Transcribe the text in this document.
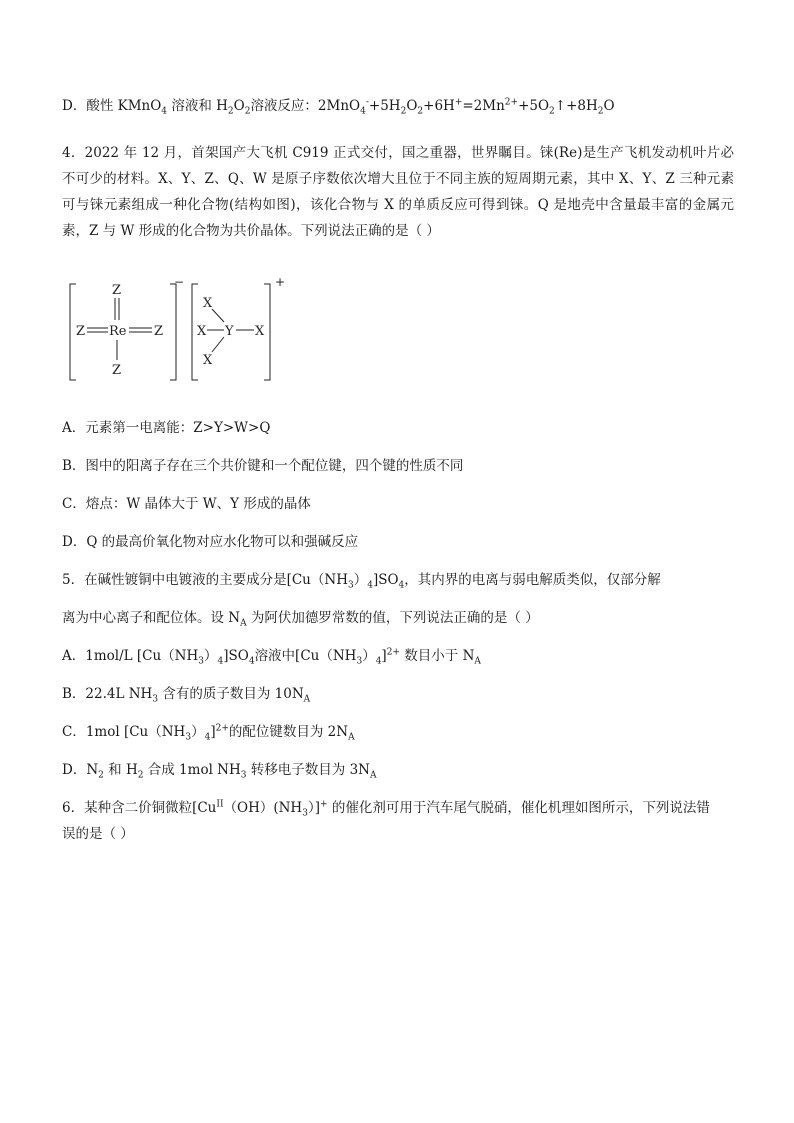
D．酸性 KMnO$_4$ 溶液和 $H_2O_2$溶液反应：$2MnO_4^-+5H_2O_2+6H^+=2Mn^{2+}+5O_2↑+8H_2O$
4．2022 年 12 月，首架国产大飞机 C919 正式交付，国之重器，世界瞩目。铼(Re)是生产飞机发动机叶片必不可少的材料。X、Y、Z、Q、W 是原子序数依次增大且位于不同主族的短周期元素，其中 X、Y、Z 三种元素可与铼元素组成一种化合物(结构如图)，该化合物与 X 的单质反应可得到铼。Q 是地壳中含量最丰富的金属元素，Z 与 W 形成的化合物为共价晶体。下列说法正确的是（ ）
−
Z
Z Re Z
Z
+
X
X Y X
X
A．元素第一电离能：Z>Y>W>Q
B．图中的阳离子存在三个共价键和一个配位键，四个键的性质不同
C．熔点：W 晶体大于 W、Y 形成的晶体
D．Q 的最高价氧化物对应水化物可以和强碱反应
5．在碱性镀铜中电镀液的主要成分是$[Cu(NH_3)_4]SO_4$，其内界的电离与弱电解质类似，仅部分解
离为中心离子和配位体。设 $N_A$ 为阿伏加德罗常数的值，下列说法正确的是（ ）
A．1mol/L $[Cu(NH_3)_4]SO_4$溶液中$[Cu(NH_3)_4]^{2+}$ 数目小于 $N_A$
B．22.4L $NH_3$ 含有的质子数目为 $10N_A$
C．1mol $[Cu(NH_3)_4]^{2+}$的配位键数目为 $2N_A$
D．$N_2$ 和 $H_2$ 合成 1mol $NH_3$ 转移电子数目为 $3N_A$
6．某种含二价铜微粒$[Cu^{II}(OH)(NH_3)]^+$ 的催化剂可用于汽车尾气脱硝，催化机理如图所示，下列说法错
误的是（ ）
